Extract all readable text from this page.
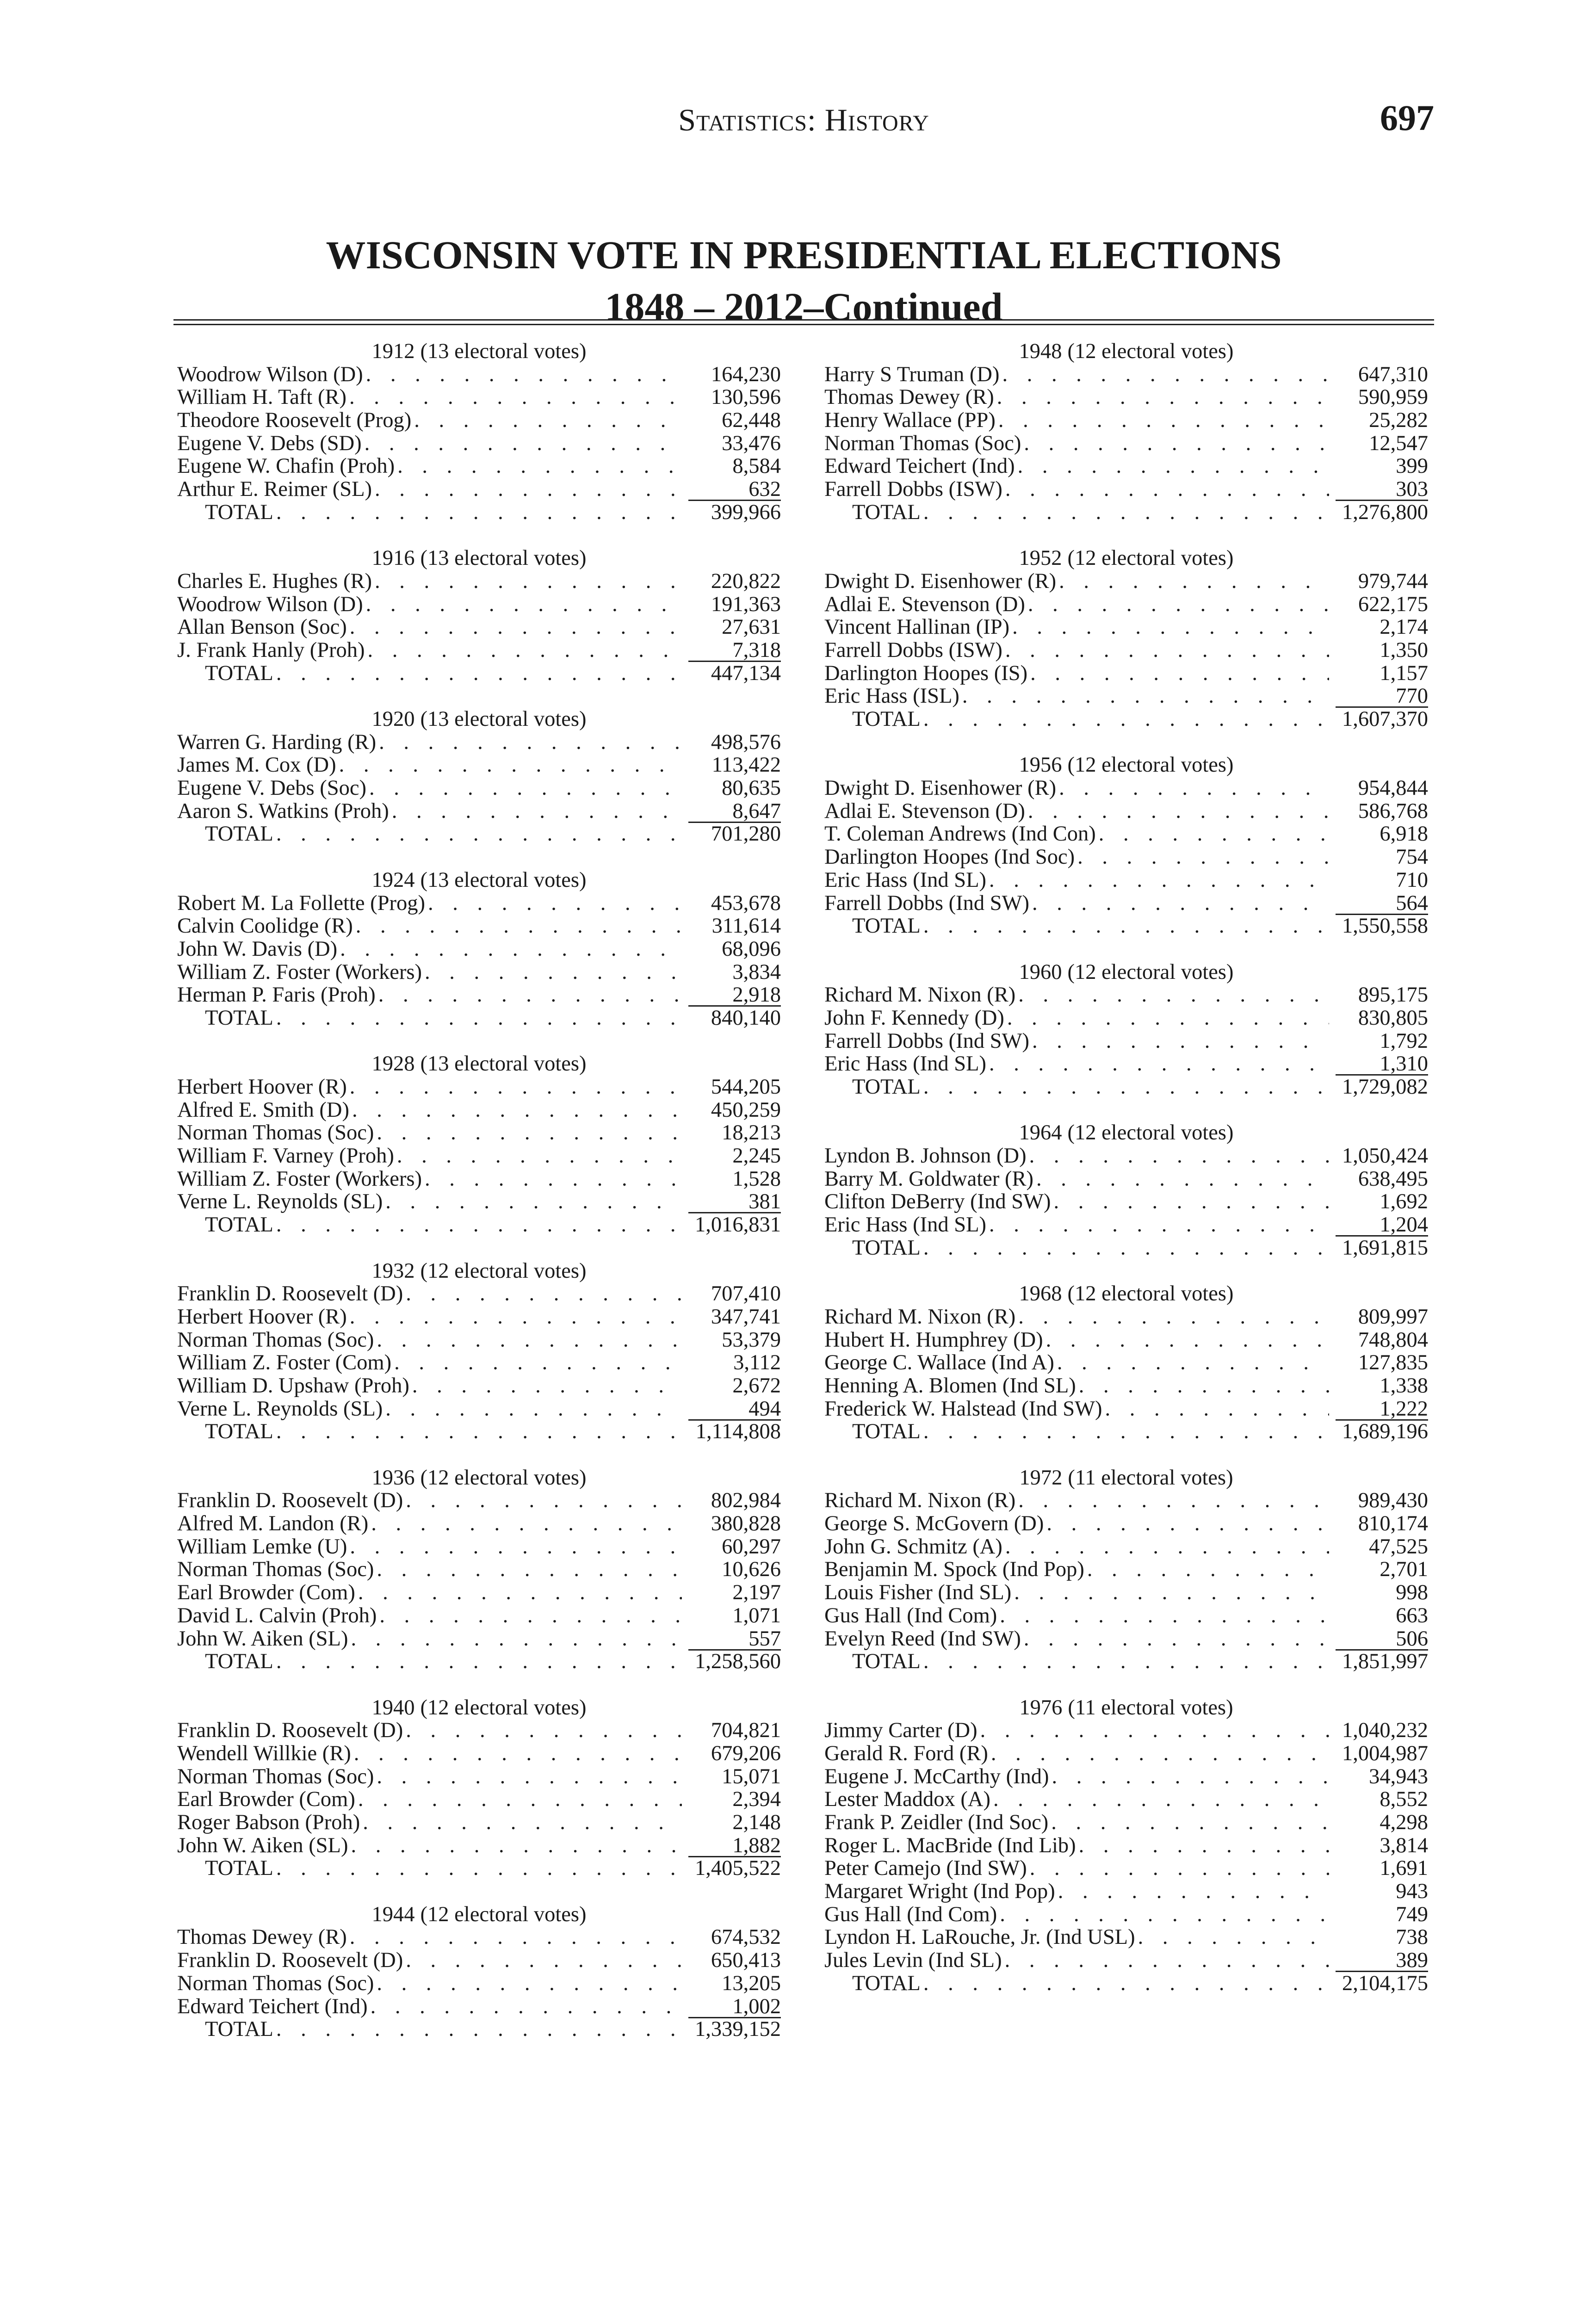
Statistics: History	697
WISCONSIN VOTE IN PRESIDENTIAL ELECTIONS
1848 – 2012–Continued
1912 (13 electoral votes)
Woodrow Wilson (D) . . .	164,230
William H. Taft (R) . . .	130,596
Theodore Roosevelt (Prog) . . .	62,448
Eugene V. Debs (SD) . . .	33,476
Eugene W. Chafin (Proh) . . .	8,584
Arthur E. Reimer (SL) . . .	632
TOTAL . . .	399,966
1916 (13 electoral votes)
Charles E. Hughes (R) . . .	220,822
Woodrow Wilson (D) . . .	191,363
Allan Benson (Soc) . . .	27,631
J. Frank Hanly (Proh) . . .	7,318
TOTAL . . .	447,134
1920 (13 electoral votes)
Warren G. Harding (R) . . .	498,576
James M. Cox (D) . . .	113,422
Eugene V. Debs (Soc) . . .	80,635
Aaron S. Watkins (Proh) . . .	8,647
TOTAL . . .	701,280
1924 (13 electoral votes)
Robert M. La Follette (Prog) . . .	453,678
Calvin Coolidge (R) . . .	311,614
John W. Davis (D) . . .	68,096
William Z. Foster (Workers) . . .	3,834
Herman P. Faris (Proh) . . .	2,918
TOTAL . . .	840,140
1928 (13 electoral votes)
Herbert Hoover (R) . . .	544,205
Alfred E. Smith (D) . . .	450,259
Norman Thomas (Soc) . . .	18,213
William F. Varney (Proh) . . .	2,245
William Z. Foster (Workers) . . .	1,528
Verne L. Reynolds (SL) . . .	381
TOTAL . . .	1,016,831
1932 (12 electoral votes)
Franklin D. Roosevelt (D) . . .	707,410
Herbert Hoover (R) . . .	347,741
Norman Thomas (Soc) . . .	53,379
William Z. Foster (Com) . . .	3,112
William D. Upshaw (Proh) . . .	2,672
Verne L. Reynolds (SL) . . .	494
TOTAL . . .	1,114,808
1936 (12 electoral votes)
Franklin D. Roosevelt (D) . . .	802,984
Alfred M. Landon (R) . . .	380,828
William Lemke (U) . . .	60,297
Norman Thomas (Soc) . . .	10,626
Earl Browder (Com) . . .	2,197
David L. Calvin (Proh) . . .	1,071
John W. Aiken (SL) . . .	557
TOTAL . . .	1,258,560
1940 (12 electoral votes)
Franklin D. Roosevelt (D) . . .	704,821
Wendell Willkie (R) . . .	679,206
Norman Thomas (Soc) . . .	15,071
Earl Browder (Com) . . .	2,394
Roger Babson (Proh) . . .	2,148
John W. Aiken (SL) . . .	1,882
TOTAL . . .	1,405,522
1944 (12 electoral votes)
Thomas Dewey (R) . . .	674,532
Franklin D. Roosevelt (D) . . .	650,413
Norman Thomas (Soc) . . .	13,205
Edward Teichert (Ind) . . .	1,002
TOTAL . . .	1,339,152
1948 (12 electoral votes)
Harry S Truman (D) . . .	647,310
Thomas Dewey (R) . . .	590,959
Henry Wallace (PP) . . .	25,282
Norman Thomas (Soc) . . .	12,547
Edward Teichert (Ind) . . .	399
Farrell Dobbs (ISW) . . .	303
TOTAL . . .	1,276,800
1952 (12 electoral votes)
Dwight D. Eisenhower (R) . . .	979,744
Adlai E. Stevenson (D) . . .	622,175
Vincent Hallinan (IP) . . .	2,174
Farrell Dobbs (ISW) . . .	1,350
Darlington Hoopes (IS) . . .	1,157
Eric Hass (ISL) . . .	770
TOTAL . . .	1,607,370
1956 (12 electoral votes)
Dwight D. Eisenhower (R) . . .	954,844
Adlai E. Stevenson (D) . . .	586,768
T. Coleman Andrews (Ind Con) . . .	6,918
Darlington Hoopes (Ind Soc) . . .	754
Eric Hass (Ind SL) . . .	710
Farrell Dobbs (Ind SW) . . .	564
TOTAL . . .	1,550,558
1960 (12 electoral votes)
Richard M. Nixon (R) . . .	895,175
John F. Kennedy (D) . . .	830,805
Farrell Dobbs (Ind SW) . . .	1,792
Eric Hass (Ind SL) . . .	1,310
TOTAL . . .	1,729,082
1964 (12 electoral votes)
Lyndon B. Johnson (D) . . .	1,050,424
Barry M. Goldwater (R) . . .	638,495
Clifton DeBerry (Ind SW) . . .	1,692
Eric Hass (Ind SL) . . .	1,204
TOTAL . . .	1,691,815
1968 (12 electoral votes)
Richard M. Nixon (R) . . .	809,997
Hubert H. Humphrey (D) . . .	748,804
George C. Wallace (Ind A) . . .	127,835
Henning A. Blomen (Ind SL) . . .	1,338
Frederick W. Halstead (Ind SW) . . .	1,222
TOTAL . . .	1,689,196
1972 (11 electoral votes)
Richard M. Nixon (R) . . .	989,430
George S. McGovern (D) . . .	810,174
John G. Schmitz (A) . . .	47,525
Benjamin M. Spock (Ind Pop) . . .	2,701
Louis Fisher (Ind SL) . . .	998
Gus Hall (Ind Com) . . .	663
Evelyn Reed (Ind SW) . . .	506
TOTAL . . .	1,851,997
1976 (11 electoral votes)
Jimmy Carter (D) . . .	1,040,232
Gerald R. Ford (R) . . .	1,004,987
Eugene J. McCarthy (Ind) . . .	34,943
Lester Maddox (A) . . .	8,552
Frank P. Zeidler (Ind Soc) . . .	4,298
Roger L. MacBride (Ind Lib) . . .	3,814
Peter Camejo (Ind SW) . . .	1,691
Margaret Wright (Ind Pop) . . .	943
Gus Hall (Ind Com) . . .	749
Lyndon H. LaRouche, Jr. (Ind USL) . . .	738
Jules Levin (Ind SL) . . .	389
TOTAL . . .	2,104,175
